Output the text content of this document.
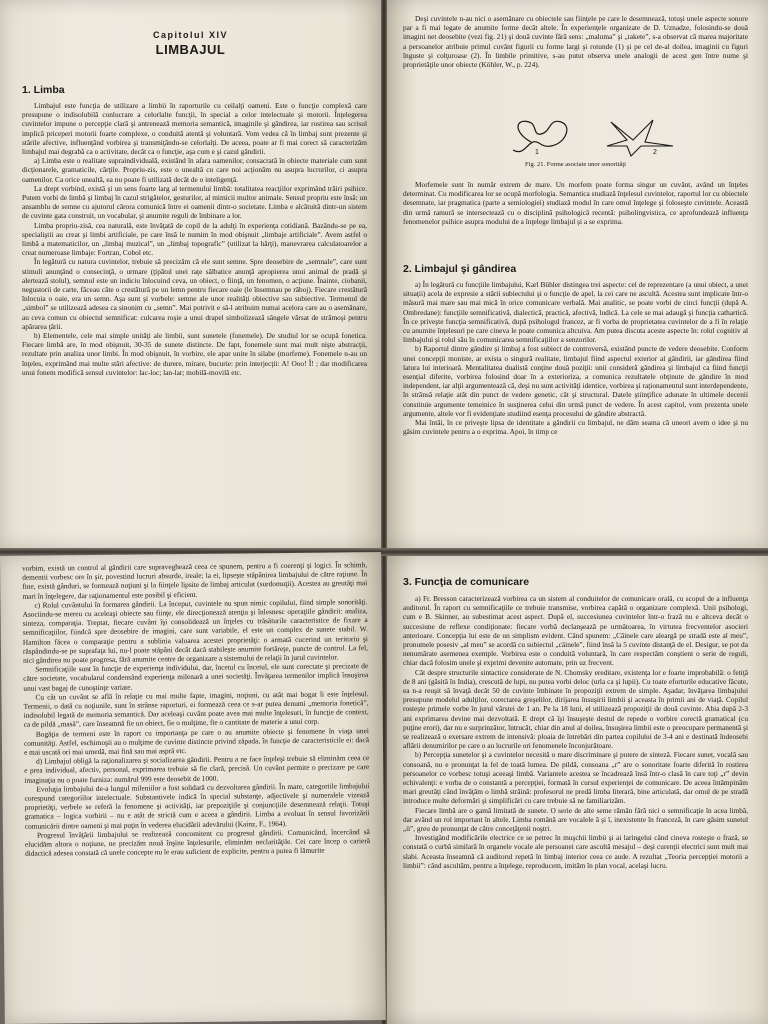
Capitolul XIV
LIMBAJUL
1. Limba

Limbajul este funcţia de utilizare a limbii în raporturile cu ceilalţi oameni. Este o funcţie complexă care presupune o indisolubilă conlucrare a celorlalte funcţii, în special a celor intelectuale şi motorii. Înţelegerea cuvintelor impune o percepţie clară şi antrenează memoria semantică, imaginile şi gândirea, iar rostirea sau scrisul implică priceperi motorii foarte complexe, o conduită atentă şi voluntară. Vom vedea că în limbaj sunt prezente şi stările afective, influenţând vorbirea şi transmiţându-se celorlalţi. De aceea, poate ar fi mai corect să caracterizăm limbajul mai degrabă ca o activitate, decât ca o funcţie, aşa cum e şi cazul gândirii.

a) Limba este o realitate supraindividuală, existând în afara oamenilor, consacrată în obiecte materiale cum sunt dicţionarele, gramaticile, cărţile. Propriu-zis, este o unealtă cu care noi acţionăm nu asupra lucrurilor, ci asupra oamenilor. Ca orice unealtă, ea nu poate fi utilizată decât de o inteligenţă.

La drept vorbind, există şi un sens foarte larg al termenului limbă: totalitatea reacţiilor exprimând trăiri psihice. Putem vorbi de limbă şi limbaj în cazul strigătelor, gesturilor, al mimicii multor animale. Sensul propriu este însă: un ansamblu de semne cu ajutorul cărora comunică între ei oamenii dintr-o societate. Limba e alcătuită dintr-un sistem de cuvinte gata construit, un vocabular, şi anumite reguli de îmbinare a lor.

Limba propriu-zisă, cea naturală, este învăţată de copil de la adulţi în experienţa cotidiană. Bazându-se pe ea, specialiştii au creat şi limbi artificiale, pe care însă le numim în mod obişnuit „limbaje artificiale”. Avem astfel o limbă a matematicilor, un „limbaj muzical”, un „limbaj topografic” (utilizat la hărţi), manevrarea calculatoarelor a creat numeroase limbaje: Fortran, Cobol etc.

În legătură cu natura cuvintelor, trebuie să precizăm că ele sunt semne. Spre deosebire de „semnale”, care sunt stimuli anunţând o consecinţă, o urmare (ţipătul unei raţe sălbatice anunţă apropierea unui animal de pradă şi alertează stolul), semnul este un indiciu înlocuind ceva, un obiect, o fiinţă, un fenomen, o acţiune. Înainte, ciobanii, negustorii de carte, făceau câte o crestătură pe un lemn pentru fiecare oaie (le însemnau pe răboj). Fiecare crestătură înlocuia o oaie, era un semn. Aşa sunt şi vorbele: semne ale unor realităţi obiective sau subiective. Termenul de „simbol” se utilizează adesea ca sinonim cu „semn”. Mai potrivit e să-l atribuim numai acelora care au o asemănare, au ceva comun cu obiectul semnificat: culcarea roşie a unui drapel simbolizează sângele vărsat de strămoşi pentru apărarea ţării.

b) Elementele, cele mai simple unităţi ale limbii, sunt sunetele (fonemele). De studiul lor se ocupă fonetica. Fiecare limbă are, în mod obişnuit, 30-35 de sunete distincte. De fapt, fonemele sunt mai mult nişte abstracţii, rezultate prin analiza unor limbi. În mod obişnuit, în vorbire, ele apar unite în silabe (morfeme). Fonemele n-au un înţeles, exprimând mai multe stări afective: de durere, mirare, bucurie: prin interjecţii: A! Ooo! Î! ; dar modificarea unui fonem modifică sensul cuvintelor: lac-loc; lan-lar; mobilă-movilă etc.

Deşi cuvintele n-au nici o asemănare cu obiectele sau fiinţele pe care le desemnează, totuşi unele aspecte sonore par a fi mai legate de anumite forme decât altele. În experienţele organizate de D. Uznadze, folosindu-se două imagini net deosebite (vezi fig. 21) şi două cuvinte fără sens: „maluma” şi „takete”, s-a observat că marea majoritate a persoanelor atribuie primul cuvânt figurii cu forme largi şi rotunde (1) şi pe cel de-al doilea, imaginii cu figuri înguste şi colţuroase (2). În limbile primitive, s-au putut observa unele analogii de acest gen între nume şi proprietăţile unor obiecte (Köhler, W., p. 224).

1	2
Fig. 21. Forme asociate unor sonorităţi

Morfemele sunt în număr extrem de mare. Un morfem poate forma singur un cuvânt, având un înţeles determinat. Cu modificarea lor se ocupă morfologia. Semantica studiază înţelesul cuvintelor, raportul lor cu obiectele desemnate, iar pragmatica (parte a semiologiei) studiază modul în care omul înţelege şi foloseşte cuvintele. Această din urmă ramură se intersectează cu o disciplină psihologică recentă: psiholingvistica, ce aprofundează influenţa fenomenelor psihice asupra modului de a înţelege limbajul şi a se exprima.

2. Limbajul şi gândirea

a) În legătură cu funcţiile limbajului, Karl Bühler distingea trei aspecte: cel de reprezentare (a unui obiect, a unei situaţii) acela de expresie a stării subiectului şi o funcţie de apel, la cei care ne ascultă. Acestea sunt implicate într-o măsură mai mare sau mai mică în orice comunicare verbală. Mai analitic, se poate vorbi de cinci funcţii (după A. Ombredane): funcţiile semnificativă, dialectică, practică, afectivă, ludică. La cele se mai adaugă şi funcţia cathartică. În ce priveşte funcţia semnificativă, după psihologul francez, ar fi vorba de proprietatea cuvintelor de a fi în relaţie cu anumite înţelesuri pe care cineva le poate comunica altcuiva. Am putea discuta aceste aspecte în: rolul cognitiv al limbajului şi rolul său în comunicarea semnificaţiilor a senzorilor.

b) Raportul dintre gândire şi limbaj a fost subiect de controversă, existând puncte de vedere deosebite. Conform unei concepţii moniste, ar exista o singură realitate, limbajul fiind aspectul exterior al gândirii, iar gândirea fiind latura lui interioară. Mentalitatea dualistă conţine două poziţii: unii consideră gândirea şi limbajul ca fiind funcţii esenţial diferite, vorbirea folosind doar în a exterioriza, a comunica rezultatele obţinute de gândire în mod independent, iar alţii argumentează că, deşi nu sunt activităţi identice, vorbirea şi raţionamentul sunt interdependente, în strânsă relaţie atât din punct de vedere genetic, cât şi structural. Datele ştiinţifice adunate în ultimele decenii constituie argumente temeinice în susţinerea celui din urmă punct de vedere. În acest capitol, vom prezenta unele argumente, altele vor fi evidenţiate studiind esenţa procesului de gândire abstractă.

Mai întâi, în ce priveşte lipsa de identitate a gândirii cu limbajul, ne dăm seama că uneori avem o idee şi nu găsim cuvintele pentru a o exprima. Apoi, în timp ce

vorbim, există un control al gândirii care supraveghează ceea ce spunem, pentru a fi coerenţi şi logici. În schimb, dementii vorbesc ore în şir, povestind lucruri absurde, ireale; la ei, lipseşte stăpânirea limbajului de către raţiune. În fine, există gânduri, se formează noţiuni şi la fiinţele lipsite de limbaj articulat (surdomuţii). Acestea au greutăţi mai mari în înţelegere, dar raţionamentul este posibil şi eficient.

c) Rolul cuvântului în formarea gândirii. La început, cuvintele nu spun nimic copilului, fiind simple sonorităţi. Asociindu-se mereu cu aceleaşi obiecte sau fiinţe, ele direcţionează atenţia şi înlesnesc operaţiile gândirii: analiza, sinteza, comparaţia. Treptat, fiecare cuvânt îşi consolidează un înţeles cu trăsăturile caracteristice de fixare a semnificaţiilor, fiindcă spre deosebire de imagini, care sunt variabile, el este un complex de sunete stabil. W. Hamilton făcea o comparaţie pentru a sublinia valoarea acestei proprietăţi: o armată cucerind un teritoriu şi răspândindu-se pe suprafaţa lui, nu-l poate stăpâni decât dacă stabileşte anumite fortăreţe, puncte de control. La fel, nici gândirea nu poate progresa, fără anumite centre de organizare a sistemului de relaţii în jurul cuvintelor.

Semnificaţiile sunt în funcţie de experienţa individului, dar, încetul cu încetul, ele sunt corectate şi precizate de către societate, vocabularul condensând experienţa milenară a unei societăţi. Învăţarea termenilor implică însuşirea unui vast bagaj de cunoştinţe variate.

Cu cât un cuvânt se află în relaţie cu mai multe fapte, imagini, noţiuni, cu atât mai bogat îi este înţelesul. Termenii, o dată cu noţiunile, sunt în strânse raporturi, ei formează ceea ce s-ar putea denumi „memoria fonetică”, indisolubil legată de memoria semantică. Dar aceleaşi cuvânt poate avea mai multe înţelesuri, în funcţie de context, ca de pildă „masă”, care înseamnă fie un obiect, fie o mulţime, fie o cantitate de materie a unui corp.

Bogăţia de termeni este în raport cu importanţa pe care o au anumite obiecte şi fenomene în viaţa unei comunităţi. Astfel, eschimoşii au o mulţime de cuvinte distincte privind zăpada, în funcţie de caracteristicile ei: dacă e mai uscată ori mai umedă, mai fină sau mai aspră etc.

d) Limbajul obligă la raţionalizarea şi socializarea gândirii. Pentru a ne face înţeleşi trebuie să eliminăm ceea ce e prea individual, afectiv, personal, exprimarea trebuie să fie clară, precisă. Un cuvânt permite o precizare pe care imaginaţia nu o poate furniza: numărul 999 este deosebit de 1000.

Evoluţia limbajului de-a lungul mileniilor a fost solidară cu dezvoltarea gândirii. În mare, categoriile limbajului corespund categoriilor intelectuale. Substantivele indică în special substanţe, adjectivele şi numeralele vizează proprietăţi, verbele se referă la fenomene şi activităţi, iar prepoziţiile şi conjuncţiile desemnează relaţii. Totuşi gramatica – logica vorbirii – nu e atât de strictă cum e aceea a gândirii. Limba a evoluat în sensul favorizării comunicării dintre oameni şi mai puţin în vederea elucidării adevărului (Kainz, F., 1964).

Progresul învăţării limbajului se realizează concomitent cu progresul gândirii. Comunicând, încercând să elucidăm altora o noţiune, ne precizăm nouă înşine înţelesurile, eliminăm neclarităţile. Cei care încep o carieră didactică adesea constată că unele concepte nu le erau suficient de explicite, pentru a putea fi lămurite

3. Funcţia de comunicare

a) Fr. Bresson caracterizează vorbirea ca un sistem al conduitelor de comunicare orală, cu scopul de a influenţa auditorul. În raport cu semnificaţiile ce trebuie transmise, vorbirea capătă o organizare complexă. Unii psihologi, cum e B. Skinner, au subestimat acest aspect. După el, succesiunea cuvintelor într-o frază nu e altceva decât o succesiune de reflexe condiţionate: fiecare vorbă declanşează pe următoarea, în virtutea frecventelor asocieri anterioare. Concepţia lui este de un simplism evident. Când spunem: „Câinele care aleargă pe stradă este al meu”, pronumele posesiv „al meu” se acordă cu subiectul „câinele”, fiind însă la 5 cuvinte distanţă de el. Desigur, se pot da nenumărate asemenea exemple. Vorbirea este o conduită voluntară, în care respectăm conştient o serie de reguli, chiar dacă folosim unele şi exprimi devenite automate, prin uz frecvent.

Cât despre structurile sintactice considerate de N. Chomsky ereditare, existenţa lor e foarte improbabilă: o fetiţă de 8 ani (găsită în India), crescută de lupi, nu putea vorbi deloc (urla ca şi lupii). Cu toate eforturile educative făcute, ea n-a reuşit să învaţă decât 50 de cuvinte îmbinate în propoziţii extrem de simple. Aşadar, învăţarea limbajului presupune modelul adulţilor, corectarea greşelilor, dirijarea însuşirii limbii şi aceasta în primii ani de viaţă. Copilul rosteşte primele vorbe în jurul vârstei de 1 an. Pe la 18 luni, el utilizează propoziţii de două cuvinte. Abia după 2-3 ani exprimarea devine mai dezvoltată. E drept că îşi însuşeşte destul de repede o vorbire corectă gramatical (cu puţine erori), dar nu e surprinzător, întrucât, chiar din anul al doilea, însuşirea limbii este o preocupare permanentă şi se realizează o exersare extrem de intensivă: ploaia de întrebări din partea copilului de 3-4 ani e destinată îndeosebi aflării denumirilor pe care o au lucrurile ori fenomenele înconjurătoare.

b) Percepţia sunetelor şi a cuvintelor necesită o mare discriminare şi putere de sinteză. Fiecare sunet, vocală sau consoană, nu e pronunţat la fel de toată lumea. De pildă, consoana „r” are o sonoritate foarte diferită în rostirea persoanelor ce vorbesc totuşi aceeaşi limbă. Variantele acestea se încadrează însă într-o clasă în care toţi „r” devin echivalenţi: e vorba de o constantă a percepţiei, formată în cursul experienţei de comunicare. De aceea întâmpinăm mari greutăţi când învăţăm o limbă străină: profesorul ne predă limba literară, bine articulată, dar omul de pe stradă introduce multe deformări şi simplificări cu care trebuie să ne familiarizăm.

Fiecare limbă are o gamă limitată de sunete. O serie de alte seme rămân fără nici o semnificaţie în acea limbă, dar având un rol important în altele. Limba română are vocalele ă şi î, inexistente în franceză, în care găsim sunetul „ü”, greu de pronunţat de către conceţăţenii noştri.

Investigând modificările electrice ce se petrec în muşchii limbii şi ai laringelui când cineva rosteşte o frază, se constată o curbă similară în organele vocale ale persoanei care ascultă mesajul – deşi curenţii electrici sunt mult mai slabi. Aceasta înseamnă că auditorul repetă în limbaj interior ceea ce aude. A rezultat „Teoria percepţiei motorii a limbii”: când ascultăm, pentru a înţelege, reproducem, imităm în plan vocal, acelaşi lucru.
